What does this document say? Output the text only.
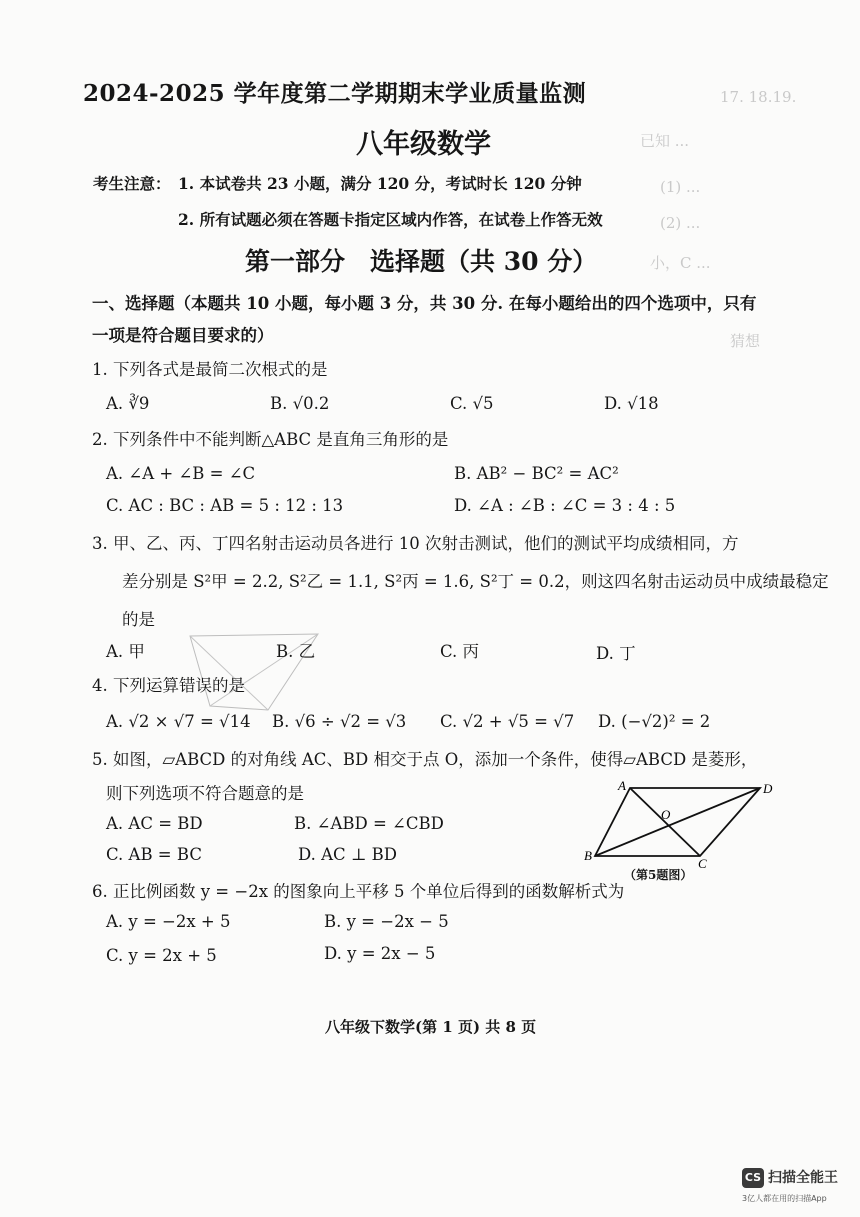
17. 18.19.
已知 ...
(1) ...
(2) ...
小，C ...
猜想
2024-2025 学年度第二学期期末学业质量监测
八年级数学
考生注意： 1. 本试卷共 23 小题，满分 120 分，考试时长 120 分钟
2. 所有试题必须在答题卡指定区域内作答，在试卷上作答无效
第一部分　选择题（共 30 分）
一、选择题（本题共 10 小题，每小题 3 分，共 30 分. 在每小题给出的四个选项中，只有
一项是符合题目要求的）
1. 下列各式是最简二次根式的是
A. ∛9	B. √0.2	C. √5	D. √18
2. 下列条件中不能判断△ABC 是直角三角形的是
A. ∠A + ∠B = ∠C	B. AB² − BC² = AC²
C. AC : BC : AB = 5 : 12 : 13	D. ∠A : ∠B : ∠C = 3 : 4 : 5
3. 甲、乙、丙、丁四名射击运动员各进行 10 次射击测试，他们的测试平均成绩相同，方
差分别是 S²甲 = 2.2, S²乙 = 1.1, S²丙 = 1.6, S²丁 = 0.2，则这四名射击运动员中成绩最稳定
的是
A. 甲	B. 乙	C. 丙	D. 丁
4. 下列运算错误的是
A. √2 × √7 = √14 B. √6 ÷ √2 = √3 C. √2 + √5 = √7 D. (−√2)² = 2
5. 如图，▱ABCD 的对角线 AC、BD 相交于点 O，添加一个条件，使得▱ABCD 是菱形，
则下列选项不符合题意的是
A. AC = BD	B. ∠ABD = ∠CBD
C. AB = BC	D. AC ⊥ BD
A	D
O
B
C
（第5题图）
6. 正比例函数 y = −2x 的图象向上平移 5 个单位后得到的函数解析式为
A. y = −2x + 5	B. y = −2x − 5
C. y = 2x + 5	D. y = 2x − 5
八年级下数学(第 1 页) 共 8 页
CS 扫描全能王
3亿人都在用的扫描App
